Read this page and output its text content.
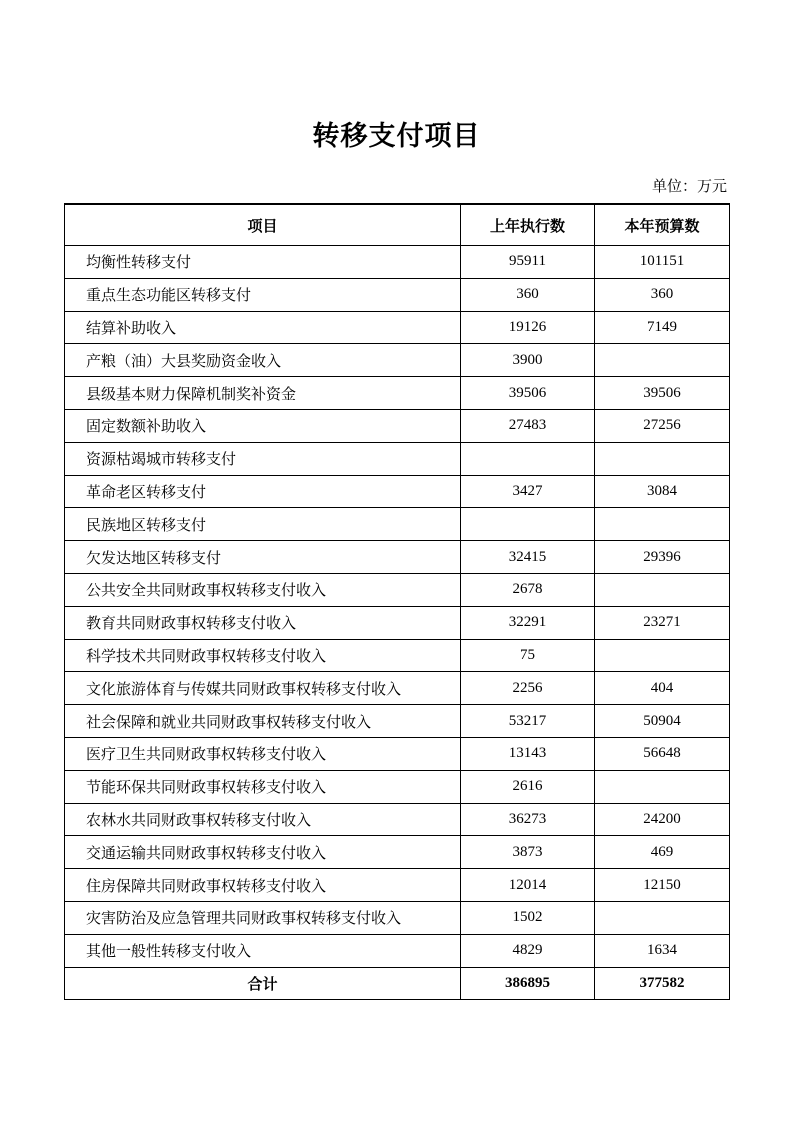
转移支付项目
单位：万元
项目	上年执行数	本年预算数
均衡性转移支付	95911	101151
重点生态功能区转移支付	360	360
结算补助收入	19126	7149
产粮（油）大县奖励资金收入	3900	
县级基本财力保障机制奖补资金	39506	39506
固定数额补助收入	27483	27256
资源枯竭城市转移支付		
革命老区转移支付	3427	3084
民族地区转移支付		
欠发达地区转移支付	32415	29396
公共安全共同财政事权转移支付收入	2678	
教育共同财政事权转移支付收入	32291	23271
科学技术共同财政事权转移支付收入	75	
文化旅游体育与传媒共同财政事权转移支付收入	2256	404
社会保障和就业共同财政事权转移支付收入	53217	50904
医疗卫生共同财政事权转移支付收入	13143	56648
节能环保共同财政事权转移支付收入	2616	
农林水共同财政事权转移支付收入	36273	24200
交通运输共同财政事权转移支付收入	3873	469
住房保障共同财政事权转移支付收入	12014	12150
灾害防治及应急管理共同财政事权转移支付收入	1502	
其他一般性转移支付收入	4829	1634
合计	386895	377582
